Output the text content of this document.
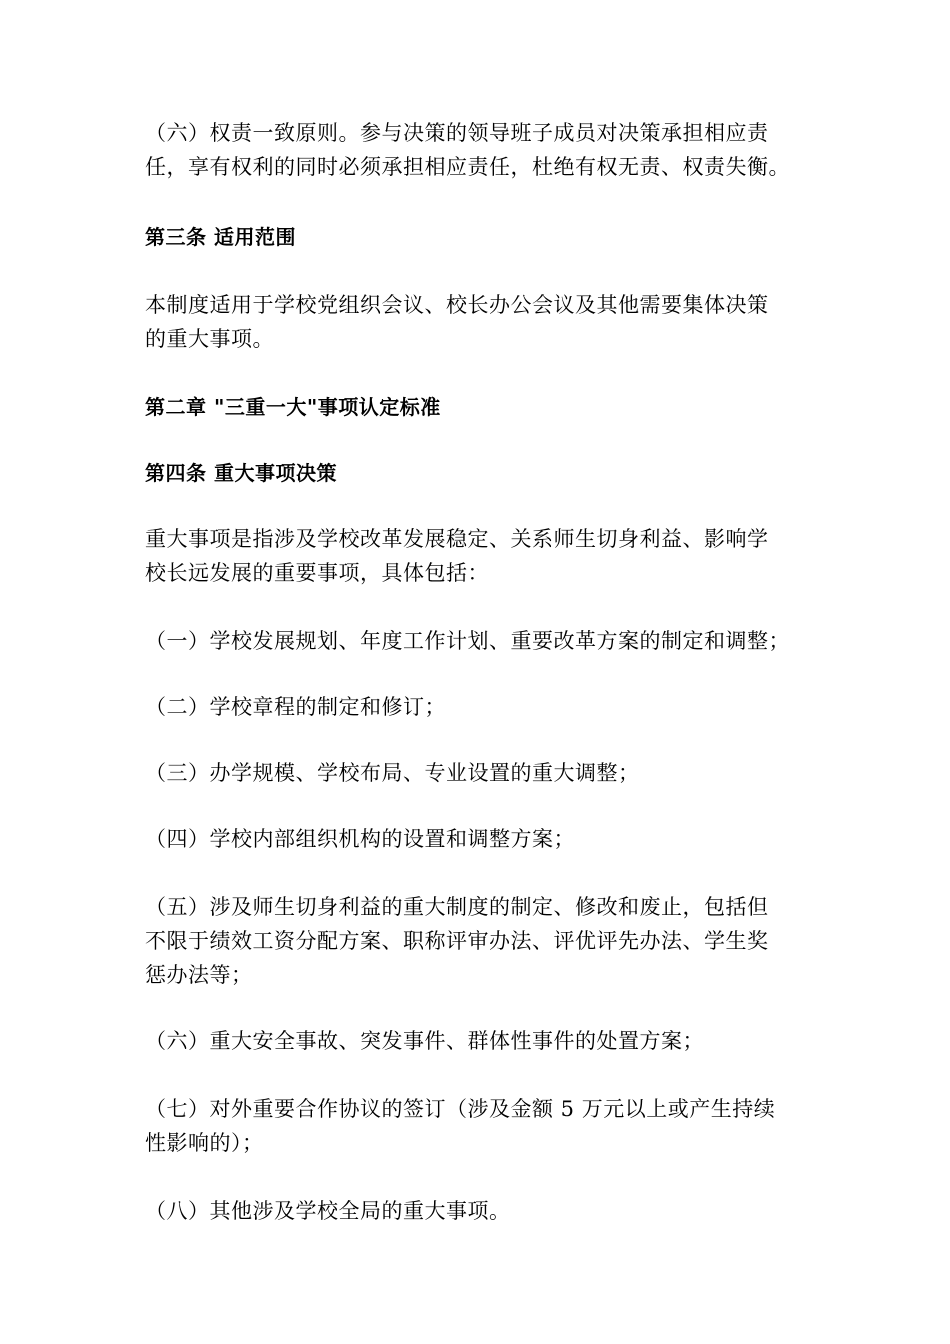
（六）权责一致原则。参与决策的领导班子成员对决策承担相应责
任，享有权利的同时必须承担相应责任，杜绝有权无责、权责失衡。
第三条 适用范围
本制度适用于学校党组织会议、校长办公会议及其他需要集体决策
的重大事项。
第二章 "三重一大"事项认定标准
第四条 重大事项决策
重大事项是指涉及学校改革发展稳定、关系师生切身利益、影响学
校长远发展的重要事项，具体包括：
（一）学校发展规划、年度工作计划、重要改革方案的制定和调整；
（二）学校章程的制定和修订；
（三）办学规模、学校布局、专业设置的重大调整；
（四）学校内部组织机构的设置和调整方案；
（五）涉及师生切身利益的重大制度的制定、修改和废止，包括但
不限于绩效工资分配方案、职称评审办法、评优评先办法、学生奖
惩办法等；
（六）重大安全事故、突发事件、群体性事件的处置方案；
（七）对外重要合作协议的签订（涉及金额 5 万元以上或产生持续
性影响的）；
（八）其他涉及学校全局的重大事项。
